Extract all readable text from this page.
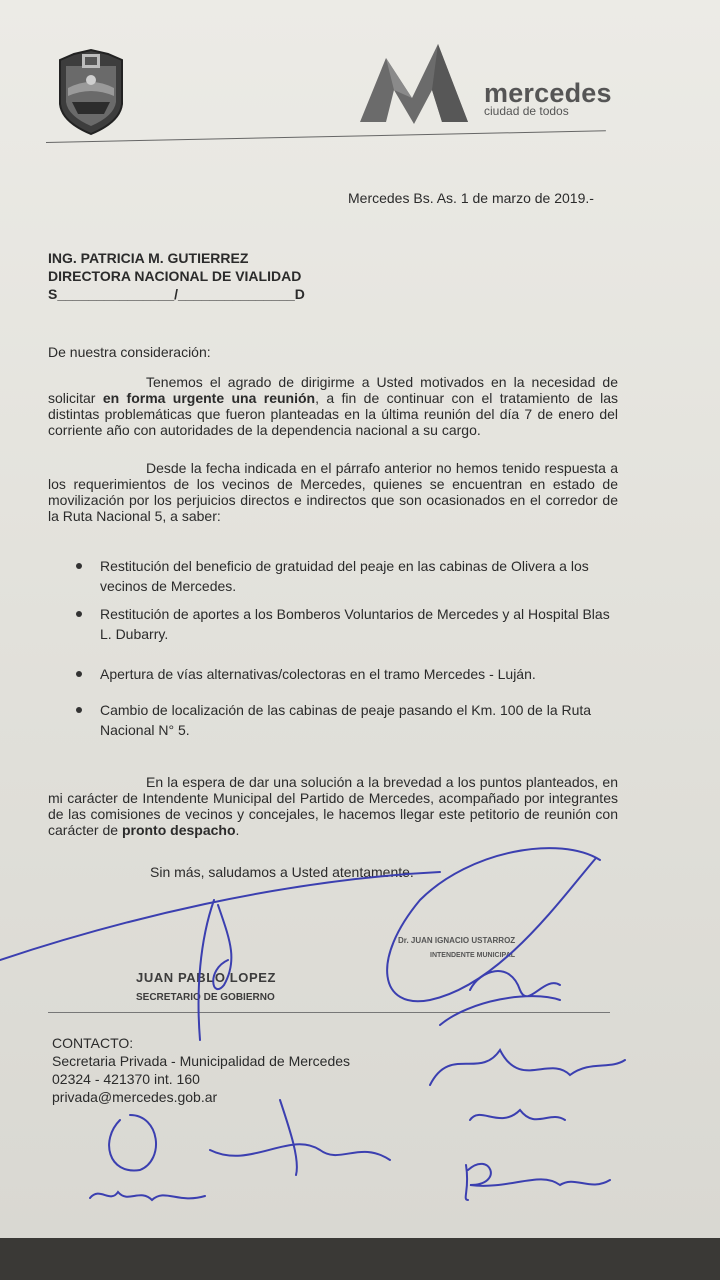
mercedes
ciudad de todos
Mercedes Bs. As. 1 de marzo de 2019.-
ING. PATRICIA M. GUTIERREZ
DIRECTORA NACIONAL DE VIALIDAD
S_______________/_______________D
De nuestra consideración:
Tenemos el agrado de dirigirme a Usted motivados en la necesidad de solicitar en forma urgente una reunión, a fin de continuar con el tratamiento de las distintas problemáticas que fueron planteadas en la última reunión del día 7 de enero del corriente año con autoridades de la dependencia nacional a su cargo.
Desde la fecha indicada en el párrafo anterior no hemos tenido respuesta a los requerimientos de los vecinos de Mercedes, quienes se encuentran en estado de movilización por los perjuicios directos e indirectos que son ocasionados en el corredor de la Ruta Nacional 5, a saber:
Restitución del beneficio de gratuidad del peaje en las cabinas de Olivera a los vecinos de Mercedes.
Restitución de aportes a los Bomberos Voluntarios de Mercedes y al Hospital Blas L. Dubarry.
Apertura de vías alternativas/colectoras en el tramo Mercedes - Luján.
Cambio de localización de las cabinas de peaje pasando el Km. 100 de la Ruta Nacional N° 5.
En la espera de dar una solución a la brevedad a los puntos planteados, en mi carácter de Intendente Municipal del Partido de Mercedes, acompañado por integrantes de las comisiones de vecinos y concejales, le hacemos llegar este petitorio de reunión con carácter de pronto despacho.
Sin más, saludamos a Usted atentamente.-
Dr. JUAN IGNACIO USTARROZ
INTENDENTE MUNICIPAL
JUAN PABLO LOPEZ
SECRETARIO DE GOBIERNO
CONTACTO:
Secretaria Privada - Municipalidad de Mercedes
02324 - 421370 int. 160
privada@mercedes.gob.ar
